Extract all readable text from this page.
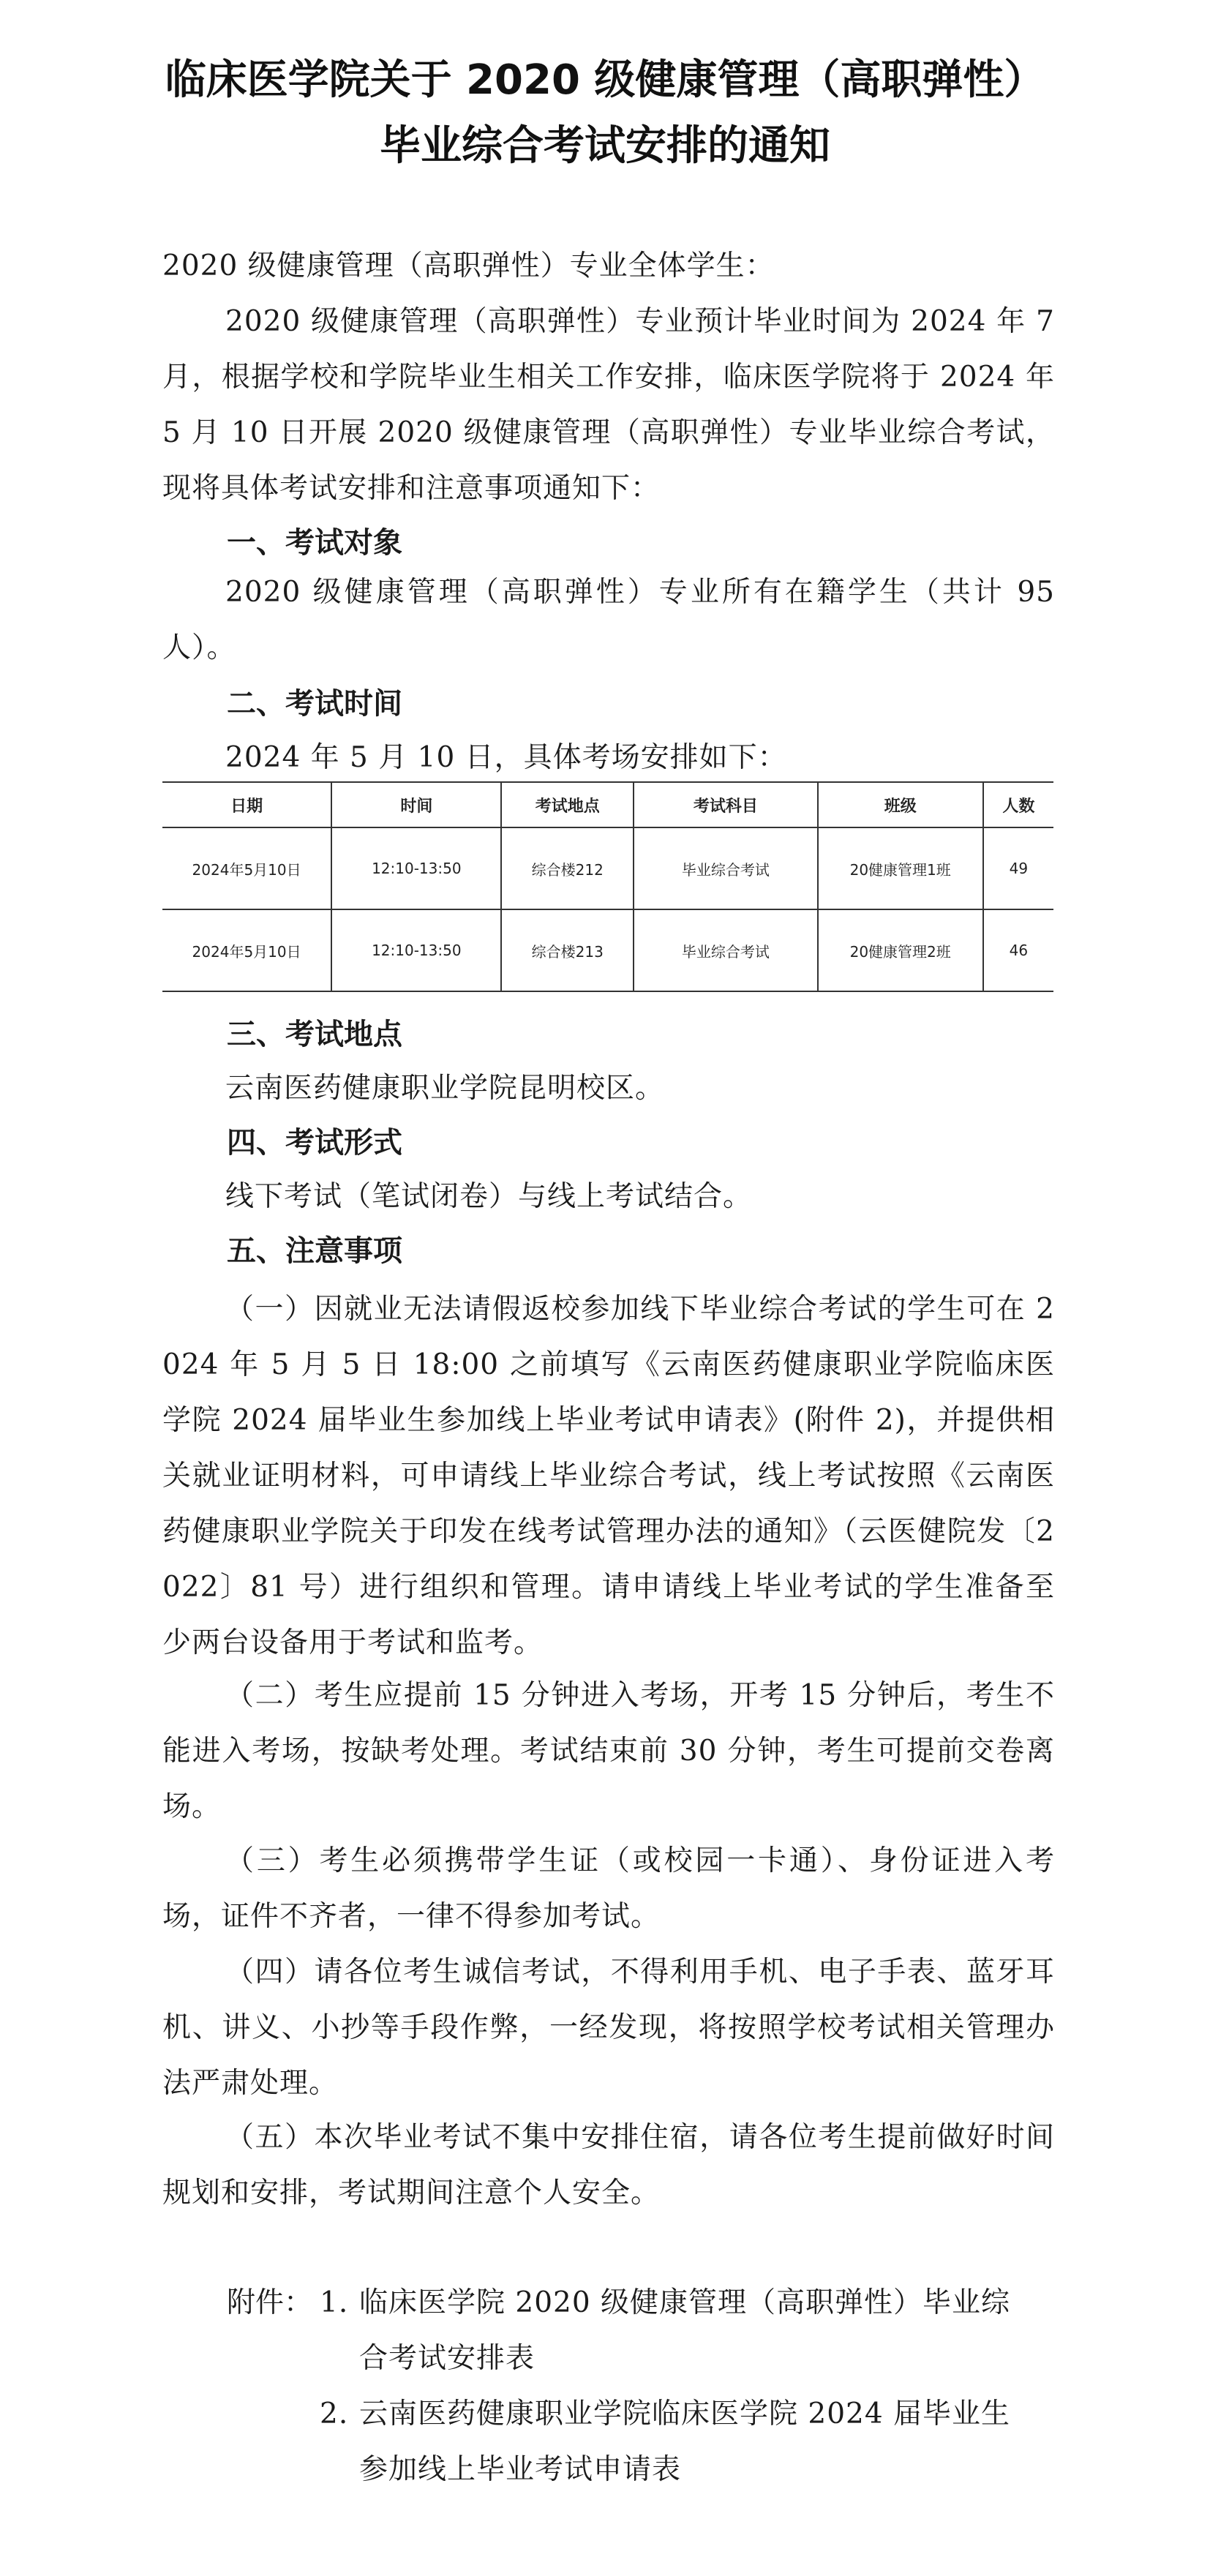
临床医学院关于 2020 级健康管理（高职弹性）
毕业综合考试安排的通知
2020 级健康管理（高职弹性）专业全体学生：
2020 级健康管理（高职弹性）专业预计毕业时间为 2024 年 7 月，根据学校和学院毕业生相关工作安排，临床医学院将于 2024 年 5 月 10 日开展 2020 级健康管理（高职弹性）专业毕业综合考试，现将具体考试安排和注意事项通知下：
一、考试对象
2020 级健康管理（高职弹性）专业所有在籍学生（共计 95 人）。
二、考试时间
2024 年 5 月 10 日，具体考场安排如下：
日期	时间	考试地点	考试科目	班级	人数
2024年5月10日	12:10-13:50	综合楼212	毕业综合考试	20健康管理1班	49
2024年5月10日	12:10-13:50	综合楼213	毕业综合考试	20健康管理2班	46
三、考试地点
云南医药健康职业学院昆明校区。
四、考试形式
线下考试（笔试闭卷）与线上考试结合。
五、注意事项
（一）因就业无法请假返校参加线下毕业综合考试的学生可在 2024 年 5 月 5 日 18:00 之前填写《云南医药健康职业学院临床医学院 2024 届毕业生参加线上毕业考试申请表》(附件 2)，并提供相关就业证明材料，可申请线上毕业综合考试，线上考试按照《云南医药健康职业学院关于印发在线考试管理办法的通知》（云医健院发〔2022〕81 号）进行组织和管理。请申请线上毕业考试的学生准备至少两台设备用于考试和监考。
（二）考生应提前 15 分钟进入考场，开考 15 分钟后，考生不能进入考场，按缺考处理。考试结束前 30 分钟，考生可提前交卷离场。
（三）考生必须携带学生证（或校园一卡通）、身份证进入考场，证件不齐者，一律不得参加考试。
（四）请各位考生诚信考试，不得利用手机、电子手表、蓝牙耳机、讲义、小抄等手段作弊，一经发现，将按照学校考试相关管理办法严肃处理。
（五）本次毕业考试不集中安排住宿，请各位考生提前做好时间规划和安排，考试期间注意个人安全。
附件： 1. 临床医学院 2020 级健康管理（高职弹性）毕业综
合考试安排表
2. 云南医药健康职业学院临床医学院 2024 届毕业生
参加线上毕业考试申请表
